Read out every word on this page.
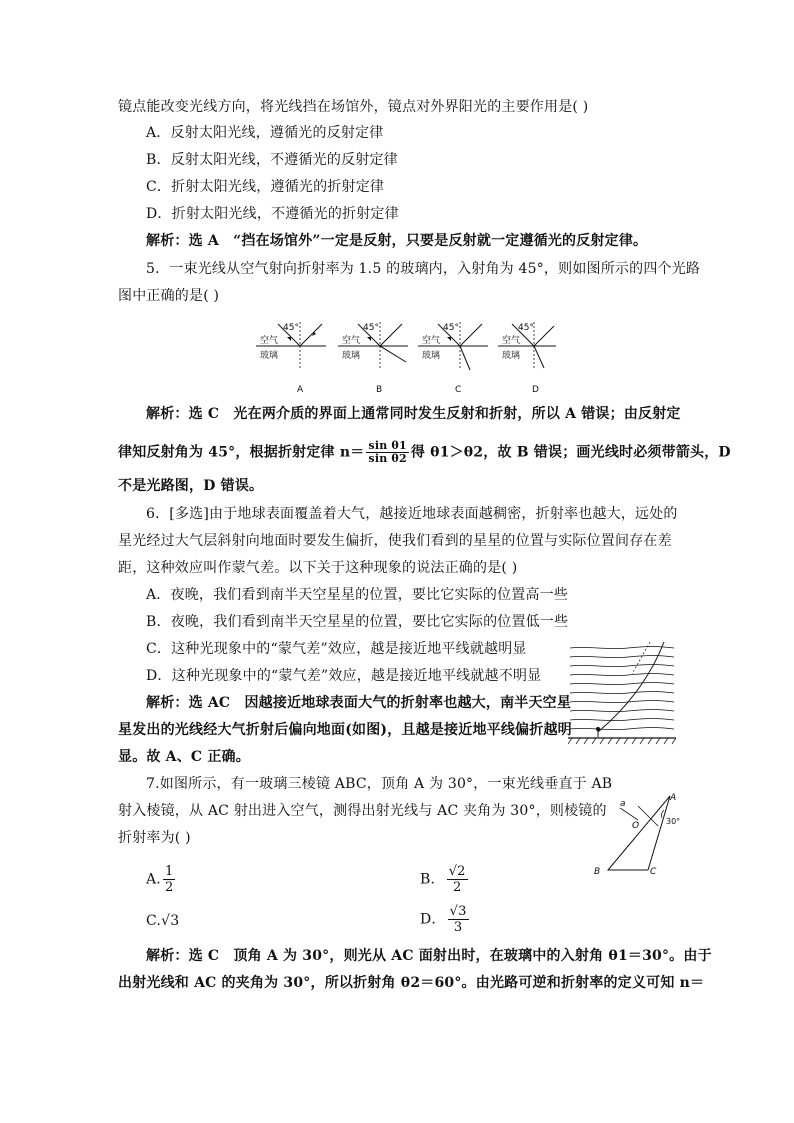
镜点能改变光线方向，将光线挡在场馆外，镜点对外界阳光的主要作用是( )
A．反射太阳光线，遵循光的反射定律
B．反射太阳光线，不遵循光的反射定律
C．折射太阳光线，遵循光的折射定律
D．折射太阳光线，不遵循光的折射定律
解析：选 A　“挡在场馆外”一定是反射，只要是反射就一定遵循光的反射定律。
5．一束光线从空气射向折射率为 1.5 的玻璃内，入射角为 45°，则如图所示的四个光路
图中正确的是( )
45°
空气
玻璃
A
45°
空气
玻璃
B
45°
空气
玻璃
C
45°
空气
玻璃
D
解析：选 C　光在两介质的界面上通常同时发生反射和折射，所以 A 错误；由反射定
律知反射角为 45°，根据折射定律 $n= \frac{\text{sin θ1}}{\text{sin θ2}}$ 得 θ1＞θ2，故 B 错误；画光线时必须带箭头，D
不是光路图，D 错误。
6．[多选]由于地球表面覆盖着大气，越接近地球表面越稠密，折射率也越大，远处的
星光经过大气层斜射向地面时要发生偏折，使我们看到的星星的位置与实际位置间存在差
距，这种效应叫作蒙气差。以下关于这种现象的说法正确的是( )
A．夜晚，我们看到南半天空星星的位置，要比它实际的位置高一些
B．夜晚，我们看到南半天空星星的位置，要比它实际的位置低一些
C．这种光现象中的“蒙气差”效应，越是接近地平线就越明显
D．这种光现象中的“蒙气差”效应，越是接近地平线就越不明显
解析：选 AC　因越接近地球表面大气的折射率也越大，南半天空星
星发出的光线经大气折射后偏向地面(如图)，且越是接近地平线偏折越明
显。故 A、C 正确。
7.如图所示，有一玻璃三棱镜 ABC，顶角 A 为 30°，一束光线垂直于 AB
射入棱镜，从 AC 射出进入空气，测得出射光线与 AC 夹角为 30°，则棱镜的
折射率为( )
A
B	C
O
a
30°
A. $\frac{1}{2}$	B． $\frac{√2}{2}$
C.√3	D． $\frac{√3}{3}$
解析：选 C　顶角 A 为 30°，则光从 AC 面射出时，在玻璃中的入射角 θ1＝30°。由于
出射光线和 AC 的夹角为 30°，所以折射角 θ2＝60°。由光路可逆和折射率的定义可知 n＝
